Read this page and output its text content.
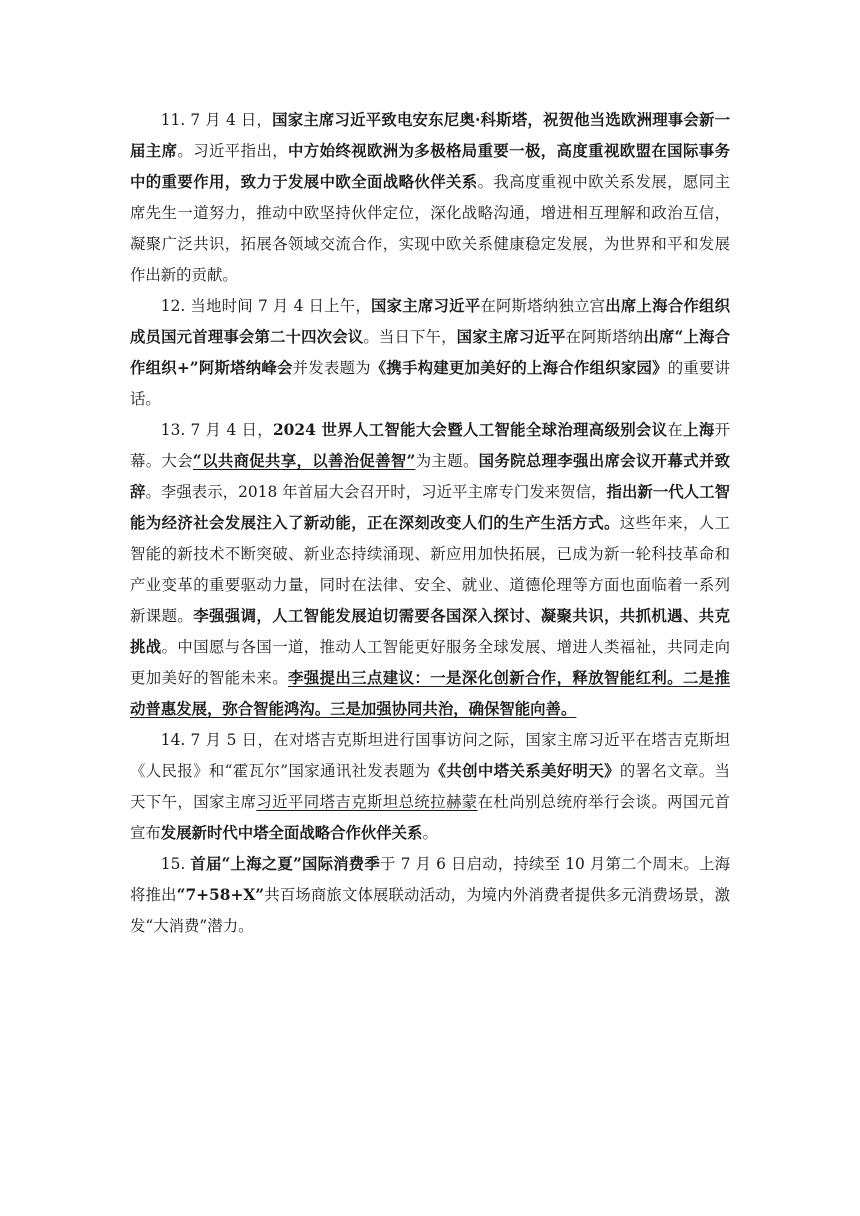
11. 7 月 4 日，国家主席习近平致电安东尼奥·科斯塔，祝贺他当选欧洲理事会新一届主席。习近平指出，中方始终视欧洲为多极格局重要一极，高度重视欧盟在国际事务中的重要作用，致力于发展中欧全面战略伙伴关系。我高度重视中欧关系发展，愿同主席先生一道努力，推动中欧坚持伙伴定位，深化战略沟通，增进相互理解和政治互信，凝聚广泛共识，拓展各领域交流合作，实现中欧关系健康稳定发展，为世界和平和发展作出新的贡献。

12. 当地时间 7 月 4 日上午，国家主席习近平在阿斯塔纳独立宫出席上海合作组织成员国元首理事会第二十四次会议。当日下午，国家主席习近平在阿斯塔纳出席“上海合作组织+”阿斯塔纳峰会并发表题为《携手构建更加美好的上海合作组织家园》的重要讲话。

13. 7 月 4 日，2024 世界人工智能大会暨人工智能全球治理高级别会议在上海开幕。大会“以共商促共享，以善治促善智”为主题。国务院总理李强出席会议开幕式并致辞。李强表示，2018 年首届大会召开时，习近平主席专门发来贺信，指出新一代人工智能为经济社会发展注入了新动能，正在深刻改变人们的生产生活方式。这些年来，人工智能的新技术不断突破、新业态持续涌现、新应用加快拓展，已成为新一轮科技革命和产业变革的重要驱动力量，同时在法律、安全、就业、道德伦理等方面也面临着一系列新课题。李强强调，人工智能发展迫切需要各国深入探讨、凝聚共识，共抓机遇、共克挑战。中国愿与各国一道，推动人工智能更好服务全球发展、增进人类福祉，共同走向更加美好的智能未来。李强提出三点建议：一是深化创新合作，释放智能红利。二是推动普惠发展，弥合智能鸿沟。三是加强协同共治，确保智能向善。

14. 7 月 5 日，在对塔吉克斯坦进行国事访问之际，国家主席习近平在塔吉克斯坦《人民报》和“霍瓦尔”国家通讯社发表题为《共创中塔关系美好明天》的署名文章。当天下午，国家主席习近平同塔吉克斯坦总统拉赫蒙在杜尚别总统府举行会谈。两国元首宣布发展新时代中塔全面战略合作伙伴关系。

15. 首届“上海之夏”国际消费季于 7 月 6 日启动，持续至 10 月第二个周末。上海将推出“7+58+X”共百场商旅文体展联动活动，为境内外消费者提供多元消费场景，激发“大消费”潜力。
